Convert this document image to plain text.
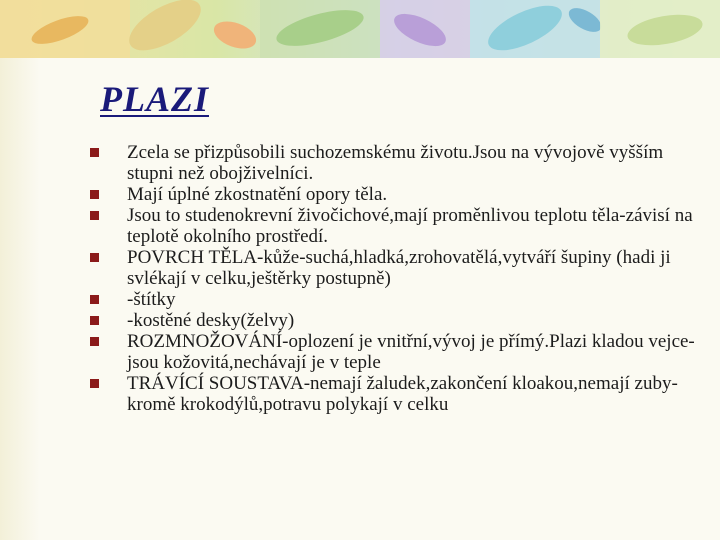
PLAZI
Zcela se přizpůsobili suchozemskému životu.Jsou na vývojově vyšším stupni než obojživelníci.
Mají úplné zkostnatění opory těla.
Jsou to studenokrevní živočichové,mají proměnlivou teplotu těla-závisí na teplotě okolního prostředí.
POVRCH TĚLA-kůže-suchá,hladká,zrohovatělá,vytváří šupiny (hadi ji svlékají v celku,ještěrky postupně)
-štítky
-kostěné desky(želvy)
ROZMNOŽOVÁNÍ-oplození je vnitřní,vývoj je přímý.Plazi kladou vejce-jsou kožovitá,nechávají je v teple
TRÁVÍCÍ SOUSTAVA-nemají žaludek,zakončení kloakou,nemají zuby-kromě krokodýlů,potravu polykají v celku
